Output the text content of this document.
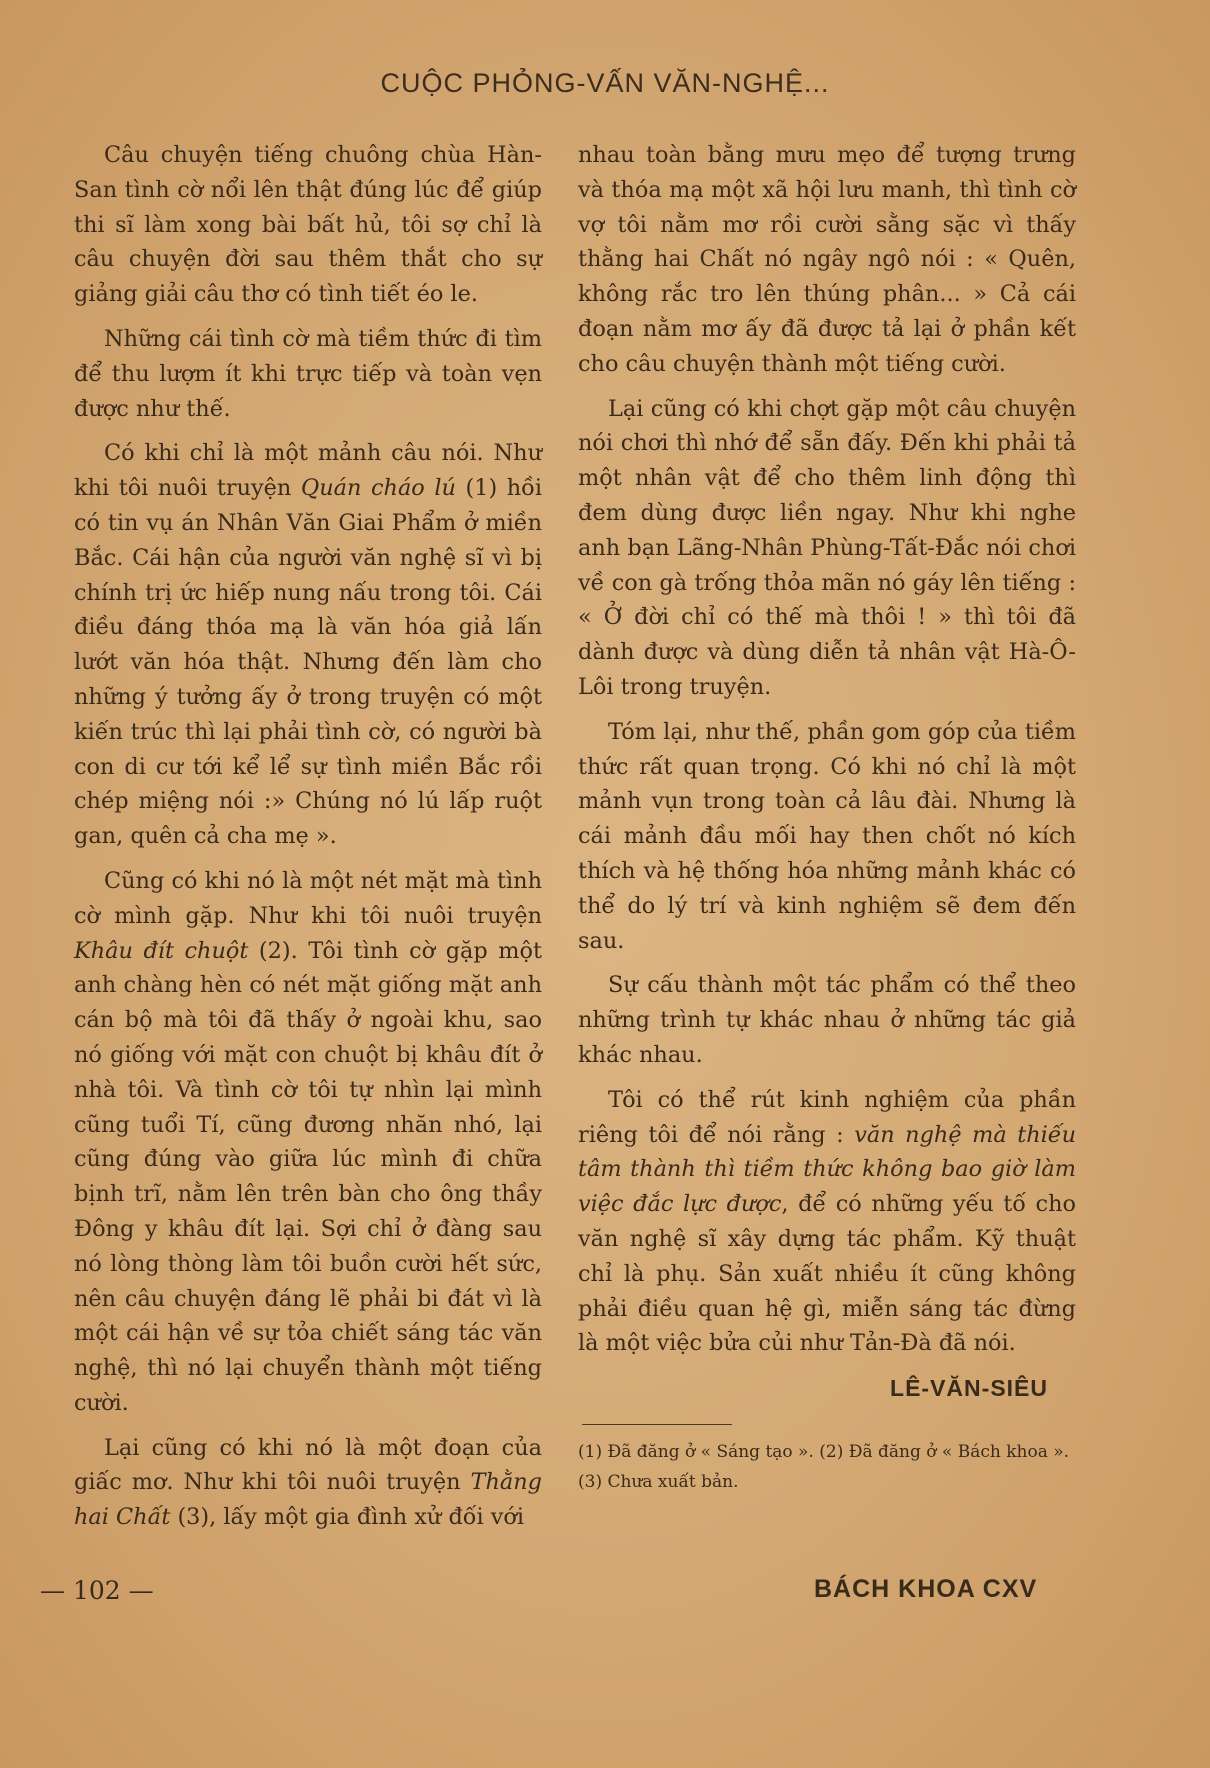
CUỘC PHỎNG-VẤN VĂN-NGHỆ...

Câu chuyện tiếng chuông chùa Hàn-San tình cờ nổi lên thật đúng lúc để giúp thi sĩ làm xong bài bất hủ, tôi sợ chỉ là câu chuyện đời sau thêm thắt cho sự giảng giải câu thơ có tình tiết éo le.

Những cái tình cờ mà tiềm thức đi tìm để thu lượm ít khi trực tiếp và toàn vẹn được như thế.

Có khi chỉ là một mảnh câu nói. Như khi tôi nuôi truyện Quán cháo lú (1) hồi có tin vụ án Nhân Văn Giai Phẩm ở miền Bắc. Cái hận của người văn nghệ sĩ vì bị chính trị ức hiếp nung nấu trong tôi. Cái điều đáng thóa mạ là văn hóa giả lấn lướt văn hóa thật. Nhưng đến làm cho những ý tưởng ấy ở trong truyện có một kiến trúc thì lại phải tình cờ, có người bà con di cư tới kể lể sự tình miền Bắc rồi chép miệng nói :» Chúng nó lú lấp ruột gan, quên cả cha mẹ ».

Cũng có khi nó là một nét mặt mà tình cờ mình gặp. Như khi tôi nuôi truyện Khâu đít chuột (2). Tôi tình cờ gặp một anh chàng hèn có nét mặt giống mặt anh cán bộ mà tôi đã thấy ở ngoài khu, sao nó giống với mặt con chuột bị khâu đít ở nhà tôi. Và tình cờ tôi tự nhìn lại mình cũng tuổi Tí, cũng đương nhăn nhó, lại cũng đúng vào giữa lúc mình đi chữa bịnh trĩ, nằm lên trên bàn cho ông thầy Đông y khâu đít lại. Sợi chỉ ở đàng sau nó lòng thòng làm tôi buồn cười hết sức, nên câu chuyện đáng lẽ phải bi đát vì là một cái hận về sự tỏa chiết sáng tác văn nghệ, thì nó lại chuyển thành một tiếng cười.

Lại cũng có khi nó là một đoạn của giấc mơ. Như khi tôi nuôi truyện Thằng hai Chất (3), lấy một gia đình xử đối với

nhau toàn bằng mưu mẹo để tượng trưng và thóa mạ một xã hội lưu manh, thì tình cờ vợ tôi nằm mơ rồi cười sằng sặc vì thấy thằng hai Chất nó ngây ngô nói : « Quên, không rắc tro lên thúng phân... » Cả cái đoạn nằm mơ ấy đã được tả lại ở phần kết cho câu chuyện thành một tiếng cười.

Lại cũng có khi chợt gặp một câu chuyện nói chơi thì nhớ để sẵn đấy. Đến khi phải tả một nhân vật để cho thêm linh động thì đem dùng được liền ngay. Như khi nghe anh bạn Lãng-Nhân Phùng-Tất-Đắc nói chơi về con gà trống thỏa mãn nó gáy lên tiếng : « Ở đời chỉ có thế mà thôi ! » thì tôi đã dành được và dùng diễn tả nhân vật Hà-Ô-Lôi trong truyện.

Tóm lại, như thế, phần gom góp của tiềm thức rất quan trọng. Có khi nó chỉ là một mảnh vụn trong toàn cả lâu đài. Nhưng là cái mảnh đầu mối hay then chốt nó kích thích và hệ thống hóa những mảnh khác có thể do lý trí và kinh nghiệm sẽ đem đến sau.

Sự cấu thành một tác phẩm có thể theo những trình tự khác nhau ở những tác giả khác nhau.

Tôi có thể rút kinh nghiệm của phần riêng tôi để nói rằng : văn nghệ mà thiếu tâm thành thì tiềm thức không bao giờ làm việc đắc lực được, để có những yếu tố cho văn nghệ sĩ xây dựng tác phẩm. Kỹ thuật chỉ là phụ. Sản xuất nhiều ít cũng không phải điều quan hệ gì, miễn sáng tác đừng là một việc bửa củi như Tản-Đà đã nói.

LÊ-VĂN-SIÊU
(1) Đã đăng ở « Sáng tạo ». (2) Đã đăng ở « Bách khoa ». (3) Chưa xuất bản.
— 102 —	BÁCH KHOA CXV
